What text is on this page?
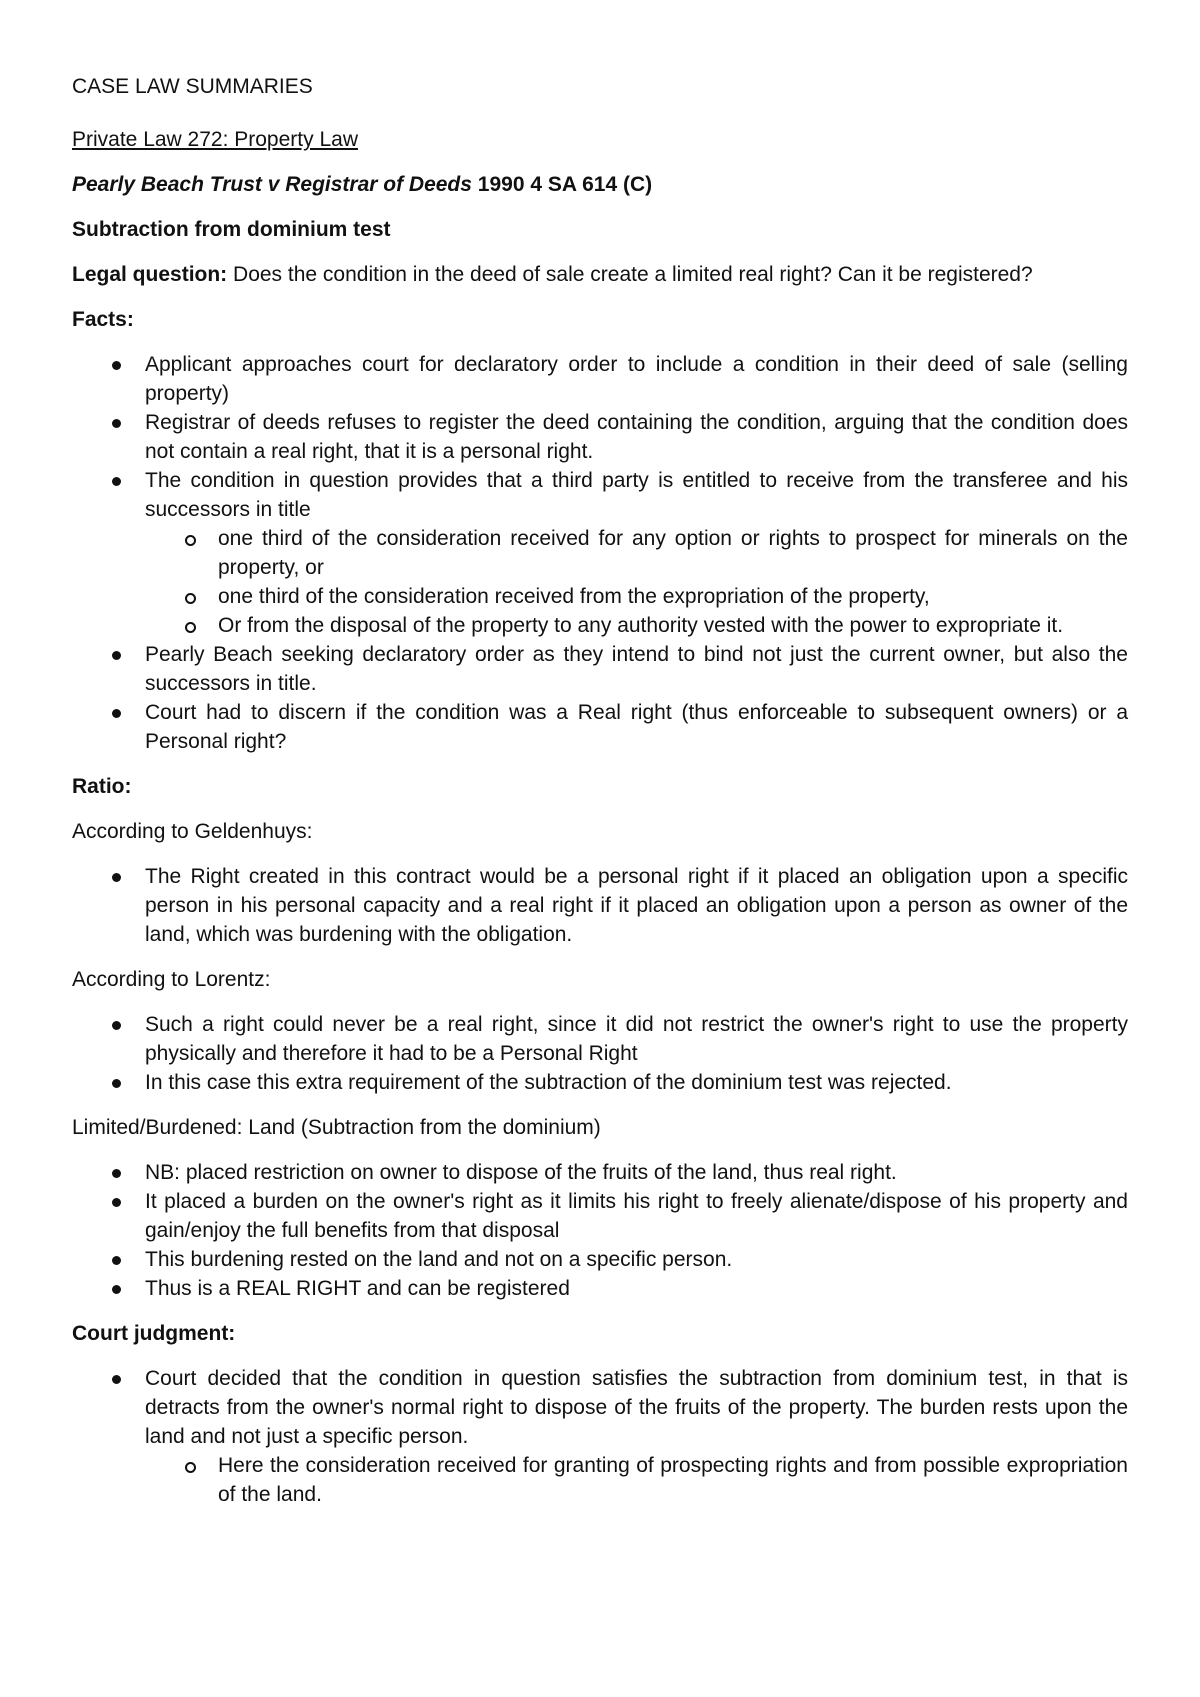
CASE LAW SUMMARIES

Private Law 272: Property Law

Pearly Beach Trust v Registrar of Deeds 1990 4 SA 614 (C)

Subtraction from dominium test

Legal question: Does the condition in the deed of sale create a limited real right? Can it be registered?

Facts:

Applicant approaches court for declaratory order to include a condition in their deed of sale (selling property)
Registrar of deeds refuses to register the deed containing the condition, arguing that the condition does not contain a real right, that it is a personal right.
The condition in question provides that a third party is entitled to receive from the transferee and his successors in title
one third of the consideration received for any option or rights to prospect for minerals on the property, or
one third of the consideration received from the expropriation of the property,
Or from the disposal of the property to any authority vested with the power to expropriate it.
Pearly Beach seeking declaratory order as they intend to bind not just the current owner, but also the successors in title.
Court had to discern if the condition was a Real right (thus enforceable to subsequent owners) or a Personal right?

Ratio:

According to Geldenhuys:

The Right created in this contract would be a personal right if it placed an obligation upon a specific person in his personal capacity and a real right if it placed an obligation upon a person as owner of the land, which was burdening with the obligation.

According to Lorentz:

Such a right could never be a real right, since it did not restrict the owner's right to use the property physically and therefore it had to be a Personal Right
In this case this extra requirement of the subtraction of the dominium test was rejected.

Limited/Burdened: Land (Subtraction from the dominium)

NB: placed restriction on owner to dispose of the fruits of the land, thus real right.
It placed a burden on the owner's right as it limits his right to freely alienate/dispose of his property and gain/enjoy the full benefits from that disposal
This burdening rested on the land and not on a specific person.
Thus is a REAL RIGHT and can be registered

Court judgment:

Court decided that the condition in question satisfies the subtraction from dominium test, in that is detracts from the owner's normal right to dispose of the fruits of the property. The burden rests upon the land and not just a specific person.
Here the consideration received for granting of prospecting rights and from possible expropriation of the land.
